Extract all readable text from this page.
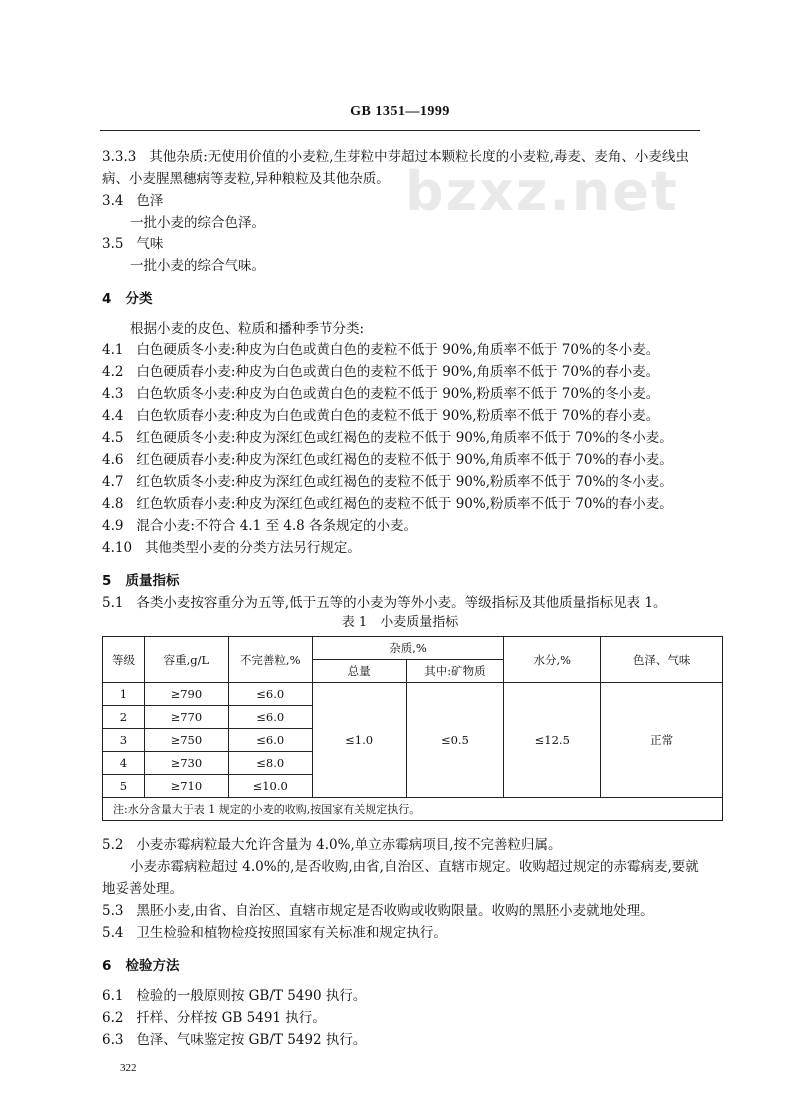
bzxz.net
GB 1351—1999
3.3.3 其他杂质:无使用价值的小麦粒,生芽粒中芽超过本颗粒长度的小麦粒,毒麦、麦角、小麦线虫
病、小麦腥黑穗病等麦粒,异种粮粒及其他杂质。
3.4 色泽
一批小麦的综合色泽。
3.5 气味
一批小麦的综合气味。
4 分类
根据小麦的皮色、粒质和播种季节分类:
4.1 白色硬质冬小麦:种皮为白色或黄白色的麦粒不低于 90%,角质率不低于 70%的冬小麦。
4.2 白色硬质春小麦:种皮为白色或黄白色的麦粒不低于 90%,角质率不低于 70%的春小麦。
4.3 白色软质冬小麦:种皮为白色或黄白色的麦粒不低于 90%,粉质率不低于 70%的冬小麦。
4.4 白色软质春小麦:种皮为白色或黄白色的麦粒不低于 90%,粉质率不低于 70%的春小麦。
4.5 红色硬质冬小麦:种皮为深红色或红褐色的麦粒不低于 90%,角质率不低于 70%的冬小麦。
4.6 红色硬质春小麦:种皮为深红色或红褐色的麦粒不低于 90%,角质率不低于 70%的春小麦。
4.7 红色软质冬小麦:种皮为深红色或红褐色的麦粒不低于 90%,粉质率不低于 70%的冬小麦。
4.8 红色软质春小麦:种皮为深红色或红褐色的麦粒不低于 90%,粉质率不低于 70%的春小麦。
4.9 混合小麦:不符合 4.1 至 4.8 各条规定的小麦。
4.10 其他类型小麦的分类方法另行规定。
5 质量指标
5.1 各类小麦按容重分为五等,低于五等的小麦为等外小麦。等级指标及其他质量指标见表 1。
表 1　小麦质量指标
等级	容重,g/L	不完善粒,%	杂质,%		水分,%	色泽、气味
			总量	其中:矿物质		
1	≥790	≤6.0	≤1.0	≤0.5	≤12.5	正常
2	≥770	≤6.0				
3	≥750	≤6.0				
4	≥730	≤8.0				
5	≥710	≤10.0				
注:水分含量大于表 1 规定的小麦的收购,按国家有关规定执行。						
5.2 小麦赤霉病粒最大允许含量为 4.0%,单立赤霉病项目,按不完善粒归属。
小麦赤霉病粒超过 4.0%的,是否收购,由省,自治区、直辖市规定。收购超过规定的赤霉病麦,要就
地妥善处理。
5.3 黑胚小麦,由省、自治区、直辖市规定是否收购或收购限量。收购的黑胚小麦就地处理。
5.4 卫生检验和植物检疫按照国家有关标准和规定执行。
6 检验方法
6.1 检验的一般原则按 GB/T 5490 执行。
6.2 扦样、分样按 GB 5491 执行。
6.3 色泽、气味鉴定按 GB/T 5492 执行。
322
